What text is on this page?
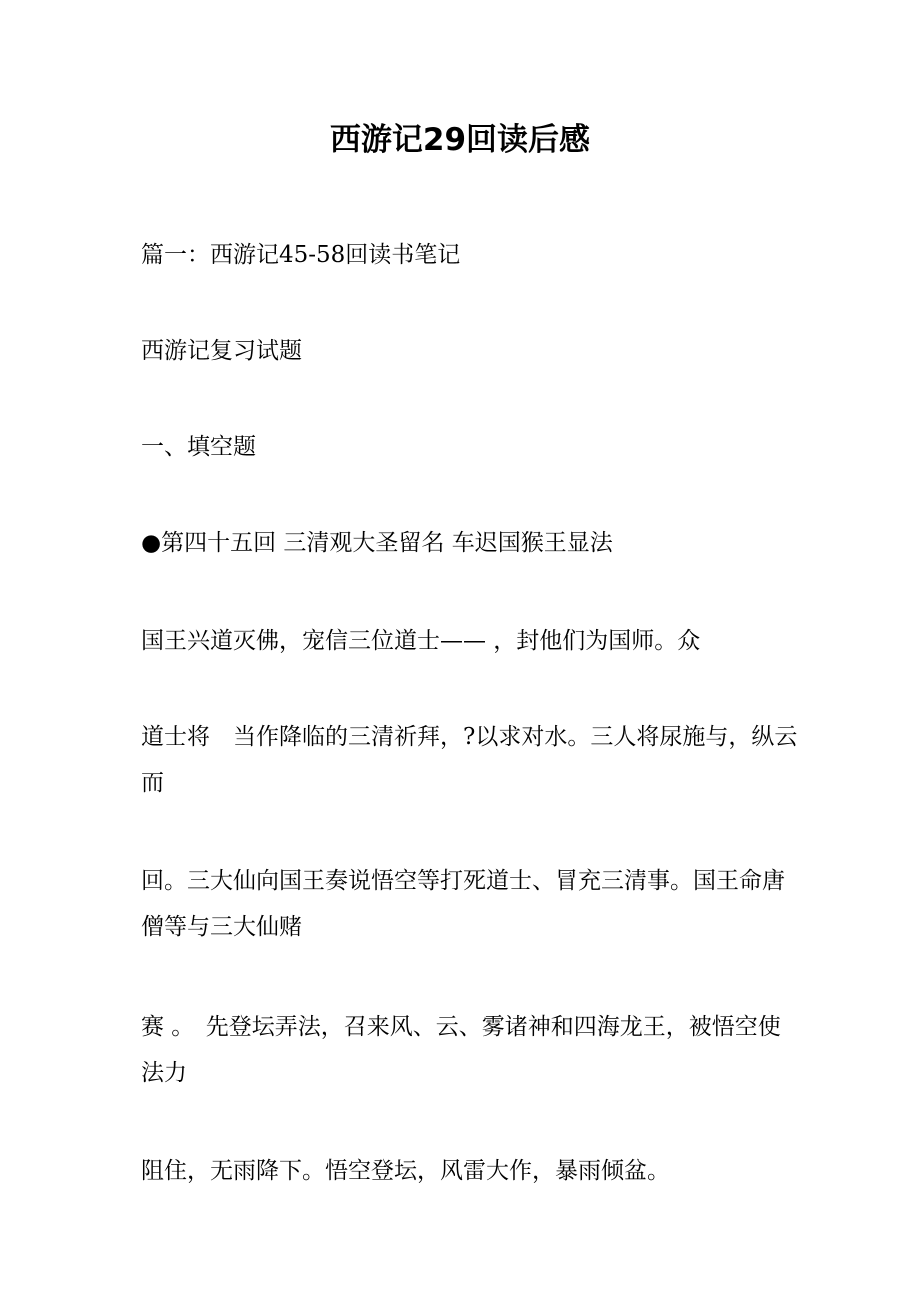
西游记29回读后感

篇一：西游记45-58回读书笔记

西游记复习试题

一、填空题

●第四十五回 三清观大圣留名 车迟国猴王显法

国王兴道灭佛，宠信三位道士—— ，封他们为国师。众

道士将　当作降临的三清祈拜，?以求对水。三人将尿施与，纵云而

回。三大仙向国王奏说悟空等打死道士、冒充三清事。国王命唐僧等与三大仙赌

赛 。　先登坛弄法，召来风、云、雾诸神和四海龙王，被悟空使法力

阻住，无雨降下。悟空登坛，风雷大作，暴雨倾盆。
